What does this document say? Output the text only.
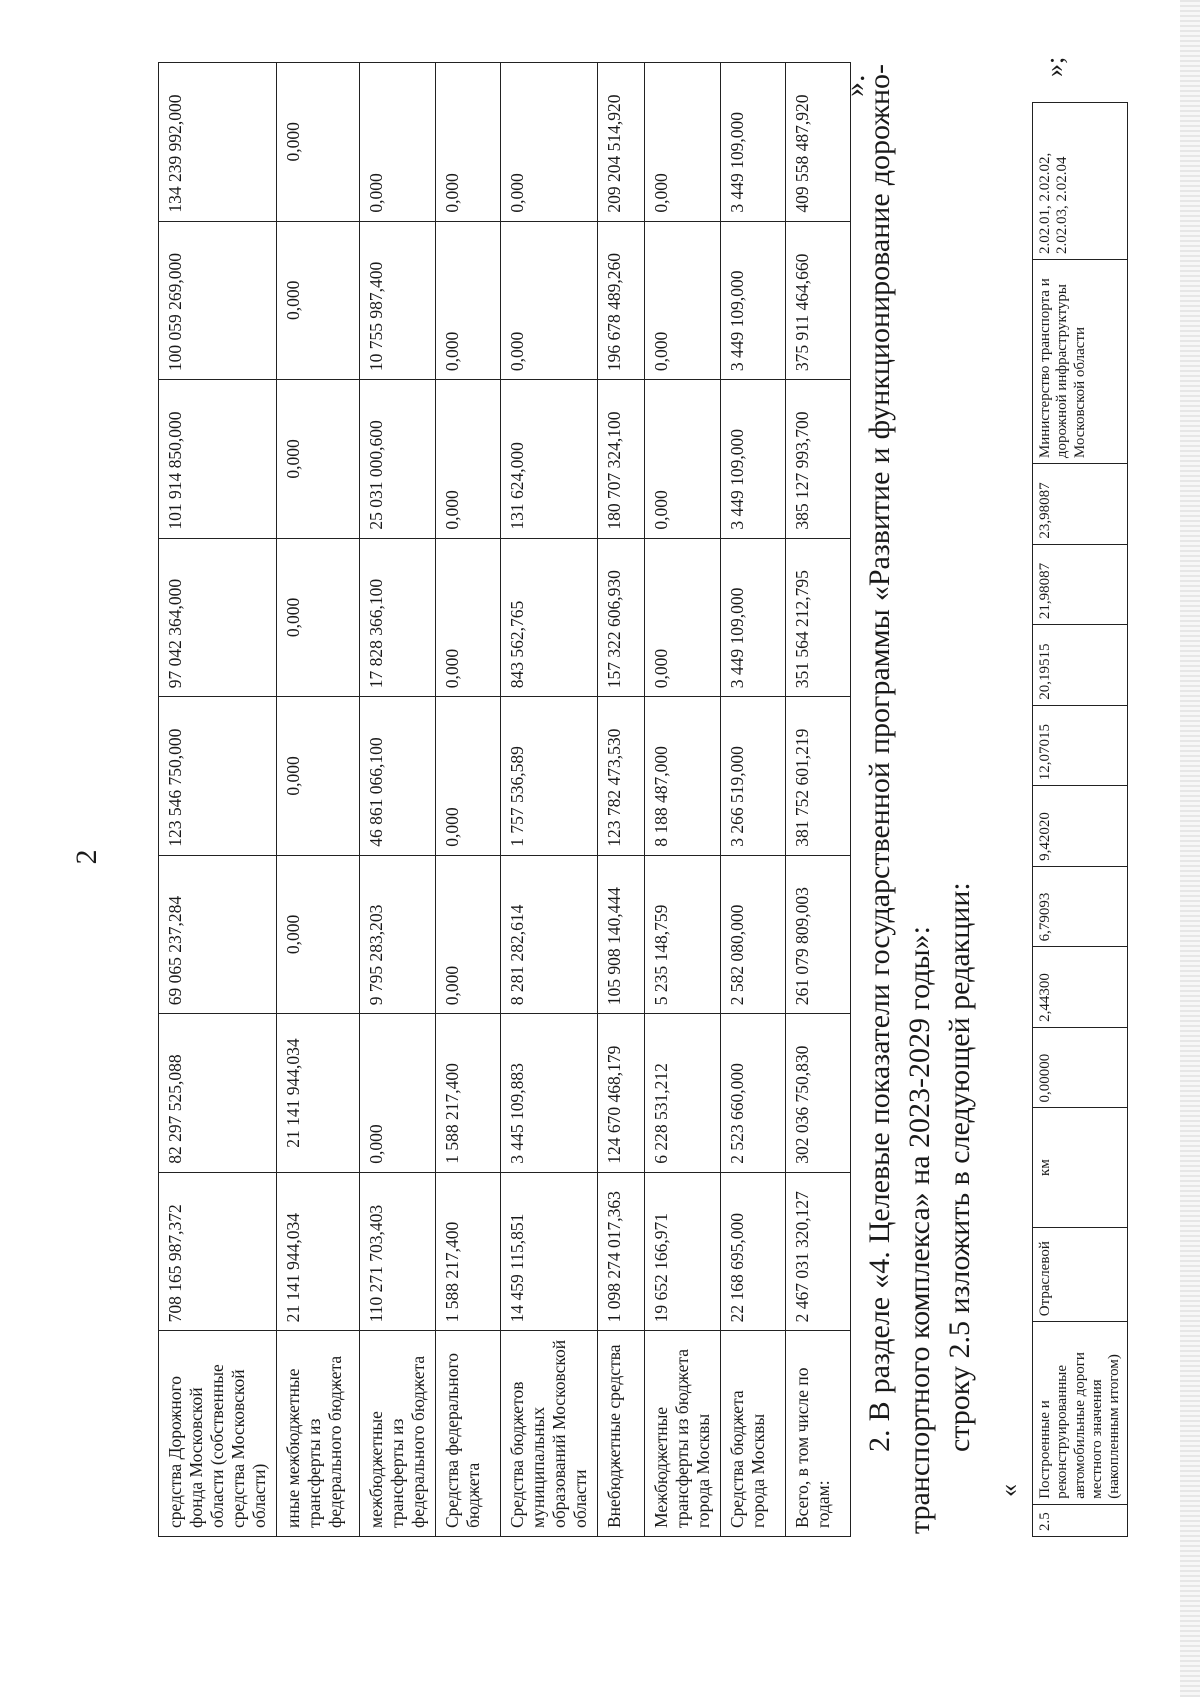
2
средства Дорожного фонда Московской области (собственные средства Московской области)	708 165 987,372	82 297 525,088	69 065 237,284	123 546 750,000	97 042 364,000	101 914 850,000	100 059 269,000	134 239 992,000
иные межбюджетные трансферты из федерального бюджета	21 141 944,034	21 141 944,034	0,000	0,000	0,000	0,000	0,000	0,000
межбюджетные трансферты из федерального бюджета	110 271 703,403	0,000	9 795 283,203	46 861 066,100	17 828 366,100	25 031 000,600	10 755 987,400	0,000
Средства федерального бюджета	1 588 217,400	1 588 217,400	0,000	0,000	0,000	0,000	0,000	0,000
Средства бюджетов муниципальных образований Московской области	14 459 115,851	3 445 109,883	8 281 282,614	1 757 536,589	843 562,765	131 624,000	0,000	0,000
Внебюджетные средства	1 098 274 017,363	124 670 468,179	105 908 140,444	123 782 473,530	157 322 606,930	180 707 324,100	196 678 489,260	209 204 514,920
Межбюджетные трансферты из бюджета города Москвы	19 652 166,971	6 228 531,212	5 235 148,759	8 188 487,000	0,000	0,000	0,000	0,000
Средства бюджета города Москвы	22 168 695,000	2 523 660,000	2 582 080,000	3 266 519,000	3 449 109,000	3 449 109,000	3 449 109,000	3 449 109,000
Всего, в том числе по годам:	2 467 031 320,127	302 036 750,830	261 079 809,003	381 752 601,219	351 564 212,795	385 127 993,700	375 911 464,660	409 558 487,920
».

2. В разделе «4. Целевые показатели государственной программы «Развитие и функционирование дорожно- транспортного комплекса» на 2023-2029 годы»: строку 2.5 изложить в следующей редакции:

«
2.5	Построенные и реконструированные автомобильные дороги местного значения (накопленным итогом)	Отраслевой	км	0,00000	2,44300	6,79093	9,42020	12,07015	20,19515	21,98087	23,98087	Министерство транспорта и дорожной инфраструктуры Московской области	2.02.01, 2.02.02, 2.02.03, 2.02.04
»;
